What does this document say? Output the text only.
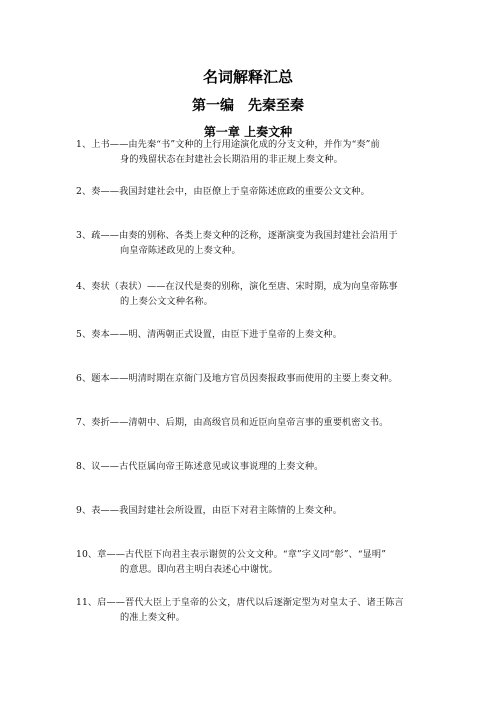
名词解释汇总
第一编　先秦至秦
第一章 上奏文种
1、上书——由先秦“书”文种的上行用途演化成的分支文种，并作为“奏”前
身的残留状态在封建社会长期沿用的非正规上奏文种。
2、奏——我国封建社会中，由臣僚上于皇帝陈述庶政的重要公文文种。
3、疏——由奏的别称、各类上奏文种的泛称，逐渐演变为我国封建社会沿用于
向皇帝陈述政见的上奏文种。
4、奏状（表状）——在汉代是奏的别称，演化至唐、宋时期，成为向皇帝陈事
的上奏公文文种名称。
5、奏本——明、清两朝正式设置，由臣下进于皇帝的上奏文种。
6、题本——明清时期在京衙门及地方官员因奏报政事而使用的主要上奏文种。
7、奏折——清朝中、后期，由高级官员和近臣向皇帝言事的重要机密文书。
8、议——古代臣属向帝王陈述意见或议事说理的上奏文种。
9、表——我国封建社会所设置，由臣下对君主陈情的上奏文种。
10、章——古代臣下向君主表示谢贺的公文文种。“章”字义同“彰”、“显明”
的意思。即向君主明白表述心中谢忱。
11、启——晋代大臣上于皇帝的公文，唐代以后逐渐定型为对皇太子、诸王陈言
的准上奏文种。
